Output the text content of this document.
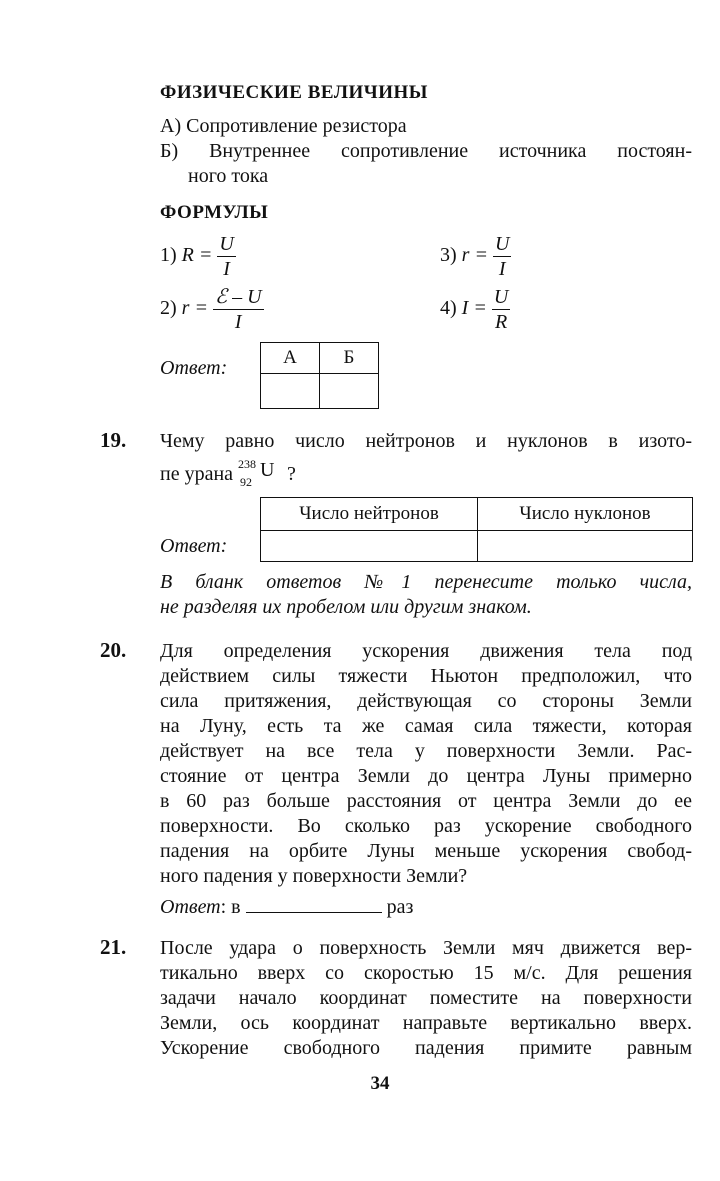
ФИЗИЧЕСКИЕ ВЕЛИЧИНЫ
А) Сопротивление резистора
Б) Внутреннее сопротивление источника постоян-
ного тока
ФОРМУЛЫ
1) $R = \frac{U}{I}$	3) $r = \frac{U}{I}$
2) $r = \frac{\text{ℰ – U}}{I}$	4) $I = \frac{U}{R}$
Ответ:	А	Б

19. Чему равно число нейтронов и нуклонов в изото-
пе урана 238
92
U ?
Число нейтронов	Число нуклонов

Ответ:
В бланк ответов №1 перенесите только числа,
не разделяя их пробелом или другим знаком.
20. Для определения ускорения движения тела под
действием силы тяжести Ньютон предположил, что
сила притяжения, действующая со стороны Земли
на Луну, есть та же самая сила тяжести, которая
действует на все тела у поверхности Земли. Рас-
стояние от центра Земли до центра Луны примерно
в 60 раз больше расстояния от центра Земли до ее
поверхности. Во сколько раз ускорение свободного
падения на орбите Луны меньше ускорения свобод-
ного падения у поверхности Земли?
Ответ: в	раз
21. После удара о поверхность Земли мяч движется вер-
тикально вверх со скоростью 15 м/с. Для решения
задачи начало координат поместите на поверхности
Земли, ось координат направьте вертикально вверх.
Ускорение свободного падения примите равным
34
